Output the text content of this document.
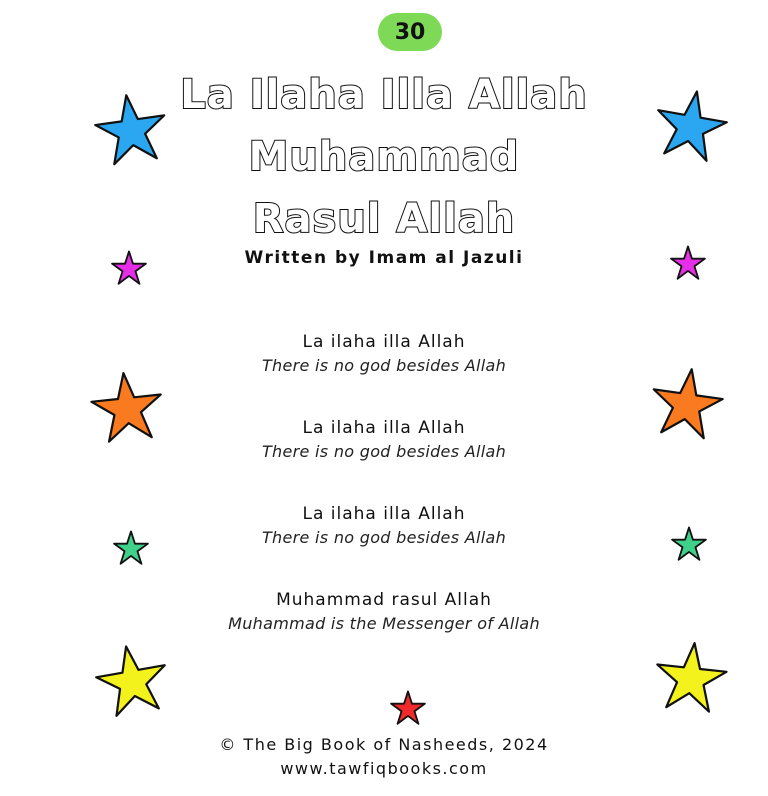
30
La Ilaha Illa Allah
Muhammad
Rasul Allah
Written by Imam al Jazuli
La ilaha illa Allah
There is no god besides Allah
La ilaha illa Allah
There is no god besides Allah
La ilaha illa Allah
There is no god besides Allah
Muhammad rasul Allah
Muhammad is the Messenger of Allah
© The Big Book of Nasheeds, 2024
www.tawfiqbooks.com
